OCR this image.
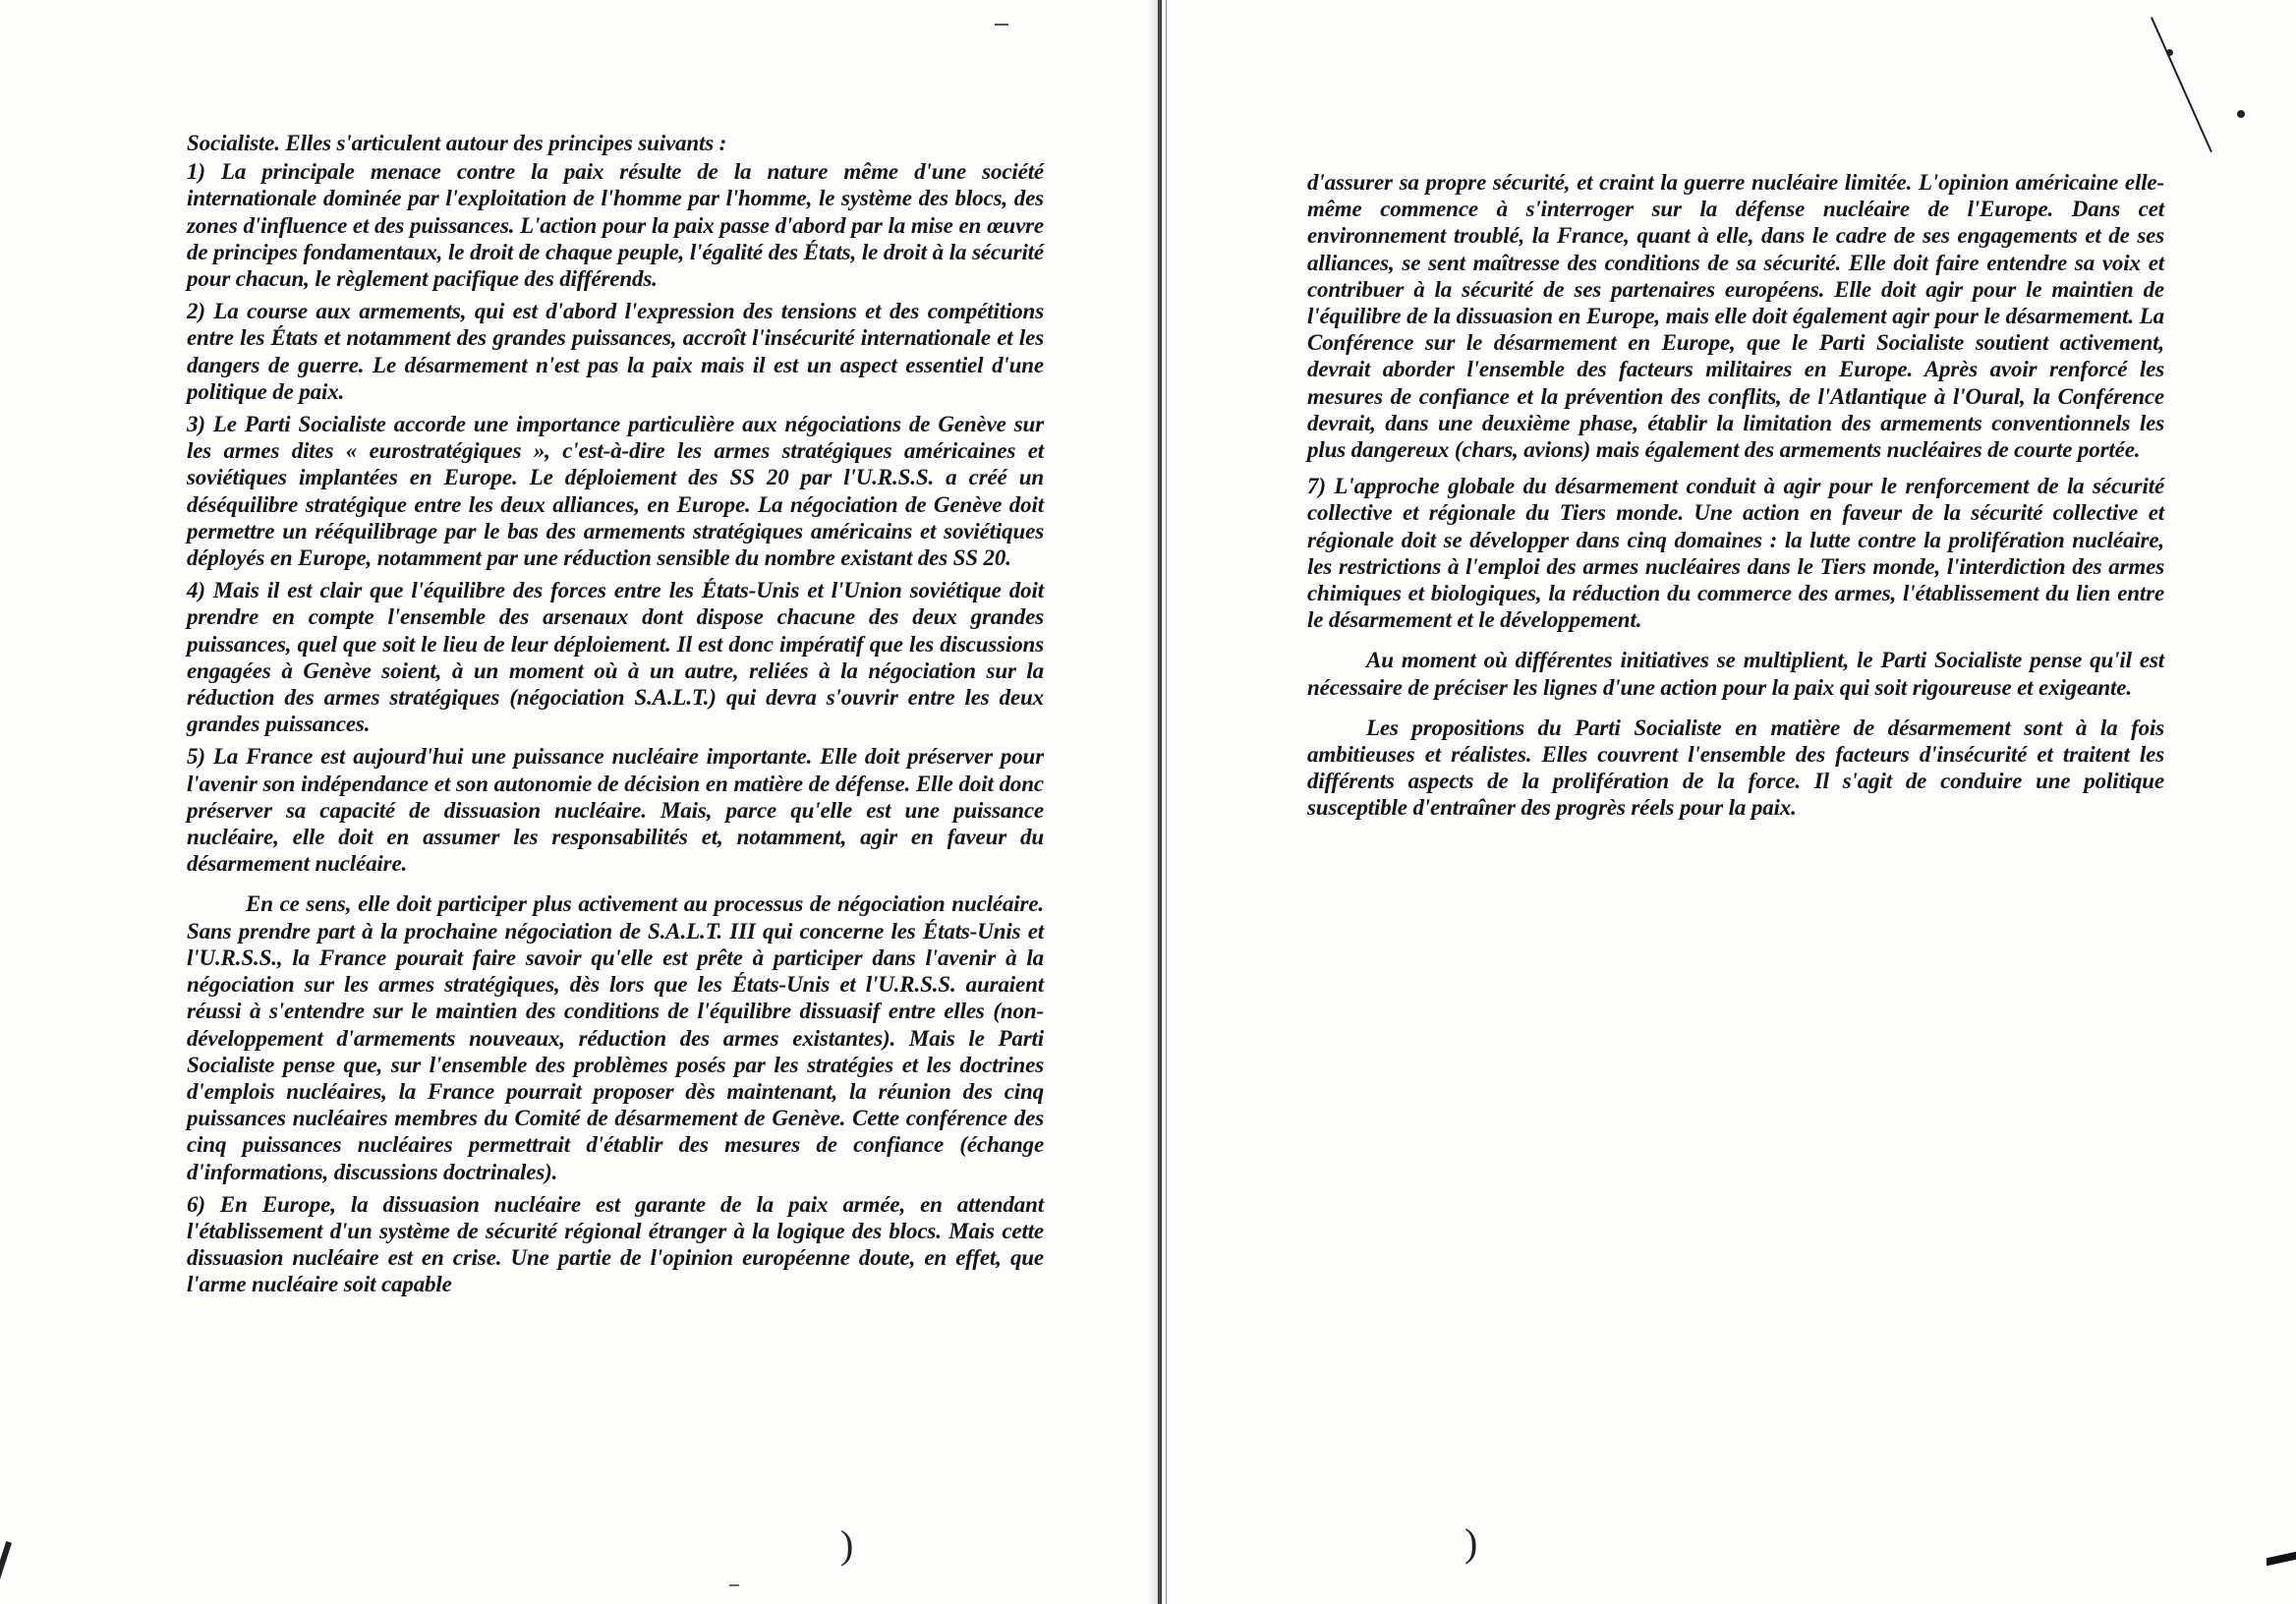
Socialiste. Elles s'articulent autour des principes suivants :

1) La principale menace contre la paix résulte de la nature même d'une société internationale dominée par l'exploitation de l'homme par l'homme, le système des blocs, des zones d'influence et des puissances. L'action pour la paix passe d'abord par la mise en œuvre de principes fondamentaux, le droit de chaque peuple, l'égalité des États, le droit à la sécurité pour chacun, le règlement pacifique des différends.

2) La course aux armements, qui est d'abord l'expression des tensions et des compétitions entre les États et notamment des grandes puissances, accroît l'insécurité internationale et les dangers de guerre. Le désarmement n'est pas la paix mais il est un aspect essentiel d'une politique de paix.

3) Le Parti Socialiste accorde une importance particulière aux négociations de Genève sur les armes dites « eurostratégiques », c'est-à-dire les armes stratégiques américaines et soviétiques implantées en Europe. Le déploiement des SS 20 par l'U.R.S.S. a créé un déséquilibre stratégique entre les deux alliances, en Europe. La négociation de Genève doit permettre un rééquilibrage par le bas des armements stratégiques américains et soviétiques déployés en Europe, notamment par une réduction sensible du nombre existant des SS 20.

4) Mais il est clair que l'équilibre des forces entre les États-Unis et l'Union soviétique doit prendre en compte l'ensemble des arsenaux dont dispose chacune des deux grandes puissances, quel que soit le lieu de leur déploiement. Il est donc impératif que les discussions engagées à Genève soient, à un moment où à un autre, reliées à la négociation sur la réduction des armes stratégiques (négociation S.A.L.T.) qui devra s'ouvrir entre les deux grandes puissances.

5) La France est aujourd'hui une puissance nucléaire importante. Elle doit préserver pour l'avenir son indépendance et son autonomie de décision en matière de défense. Elle doit donc préserver sa capacité de dissuasion nucléaire. Mais, parce qu'elle est une puissance nucléaire, elle doit en assumer les responsabilités et, notamment, agir en faveur du désarmement nucléaire.

En ce sens, elle doit participer plus activement au processus de négociation nucléaire. Sans prendre part à la prochaine négociation de S.A.L.T. III qui concerne les États-Unis et l'U.R.S.S., la France pourait faire savoir qu'elle est prête à participer dans l'avenir à la négociation sur les armes stratégiques, dès lors que les États-Unis et l'U.R.S.S. auraient réussi à s'entendre sur le maintien des conditions de l'équilibre dissuasif entre elles (non-développement d'armements nouveaux, réduction des armes existantes). Mais le Parti Socialiste pense que, sur l'ensemble des problèmes posés par les stratégies et les doctrines d'emplois nucléaires, la France pourrait proposer dès maintenant, la réunion des cinq puissances nucléaires membres du Comité de désarmement de Genève. Cette conférence des cinq puissances nucléaires permettrait d'établir des mesures de confiance (échange d'informations, discussions doctrinales).

6) En Europe, la dissuasion nucléaire est garante de la paix armée, en attendant l'établissement d'un système de sécurité régional étranger à la logique des blocs. Mais cette dissuasion nucléaire est en crise. Une partie de l'opinion européenne doute, en effet, que l'arme nucléaire soit capable

)

d'assurer sa propre sécurité, et craint la guerre nucléaire limitée. L'opinion américaine elle-même commence à s'interroger sur la défense nucléaire de l'Europe. Dans cet environnement troublé, la France, quant à elle, dans le cadre de ses engagements et de ses alliances, se sent maîtresse des conditions de sa sécurité. Elle doit faire entendre sa voix et contribuer à la sécurité de ses partenaires européens. Elle doit agir pour le maintien de l'équilibre de la dissuasion en Europe, mais elle doit également agir pour le désarmement. La Conférence sur le désarmement en Europe, que le Parti Socialiste soutient activement, devrait aborder l'ensemble des facteurs militaires en Europe. Après avoir renforcé les mesures de confiance et la prévention des conflits, de l'Atlantique à l'Oural, la Conférence devrait, dans une deuxième phase, établir la limitation des armements conventionnels les plus dangereux (chars, avions) mais également des armements nucléaires de courte portée.

7) L'approche globale du désarmement conduit à agir pour le renforcement de la sécurité collective et régionale du Tiers monde. Une action en faveur de la sécurité collective et régionale doit se développer dans cinq domaines : la lutte contre la prolifération nucléaire, les restrictions à l'emploi des armes nucléaires dans le Tiers monde, l'interdiction des armes chimiques et biologiques, la réduction du commerce des armes, l'établissement du lien entre le désarmement et le développement.

Au moment où différentes initiatives se multiplient, le Parti Socialiste pense qu'il est nécessaire de préciser les lignes d'une action pour la paix qui soit rigoureuse et exigeante.

Les propositions du Parti Socialiste en matière de désarmement sont à la fois ambitieuses et réalistes. Elles couvrent l'ensemble des facteurs d'insécurité et traitent les différents aspects de la prolifération de la force. Il s'agit de conduire une politique susceptible d'entraîner des progrès réels pour la paix.

)
